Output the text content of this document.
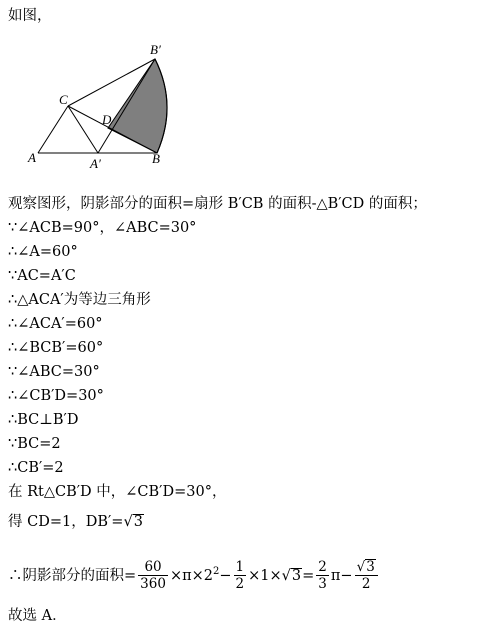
如图，
B′
C
D
A	A′	B
观察图形，阴影部分的面积=扇形 B′CB 的面积-△B′CD 的面积；
∵∠ACB=90°，∠ABC=30°
∴∠A=60°
∵AC=A′C
∴△ACA′为等边三角形
∴∠ACA′=60°
∴∠BCB′=60°
∵∠ABC=30°
∴∠CB′D=30°
∴BC⊥B′D
∵BC=2
∴CB′=2
在 Rt△CB′D 中，∠CB′D=30°，
得 CD=1，DB′=√3
∴阴影部分的面积= $\frac{60}{360} \times\pi\times 2^2- \frac{1}{2} \times 1\times√3= \frac{2}{3} \pi- \frac{√3}{2}$
故选 A．
